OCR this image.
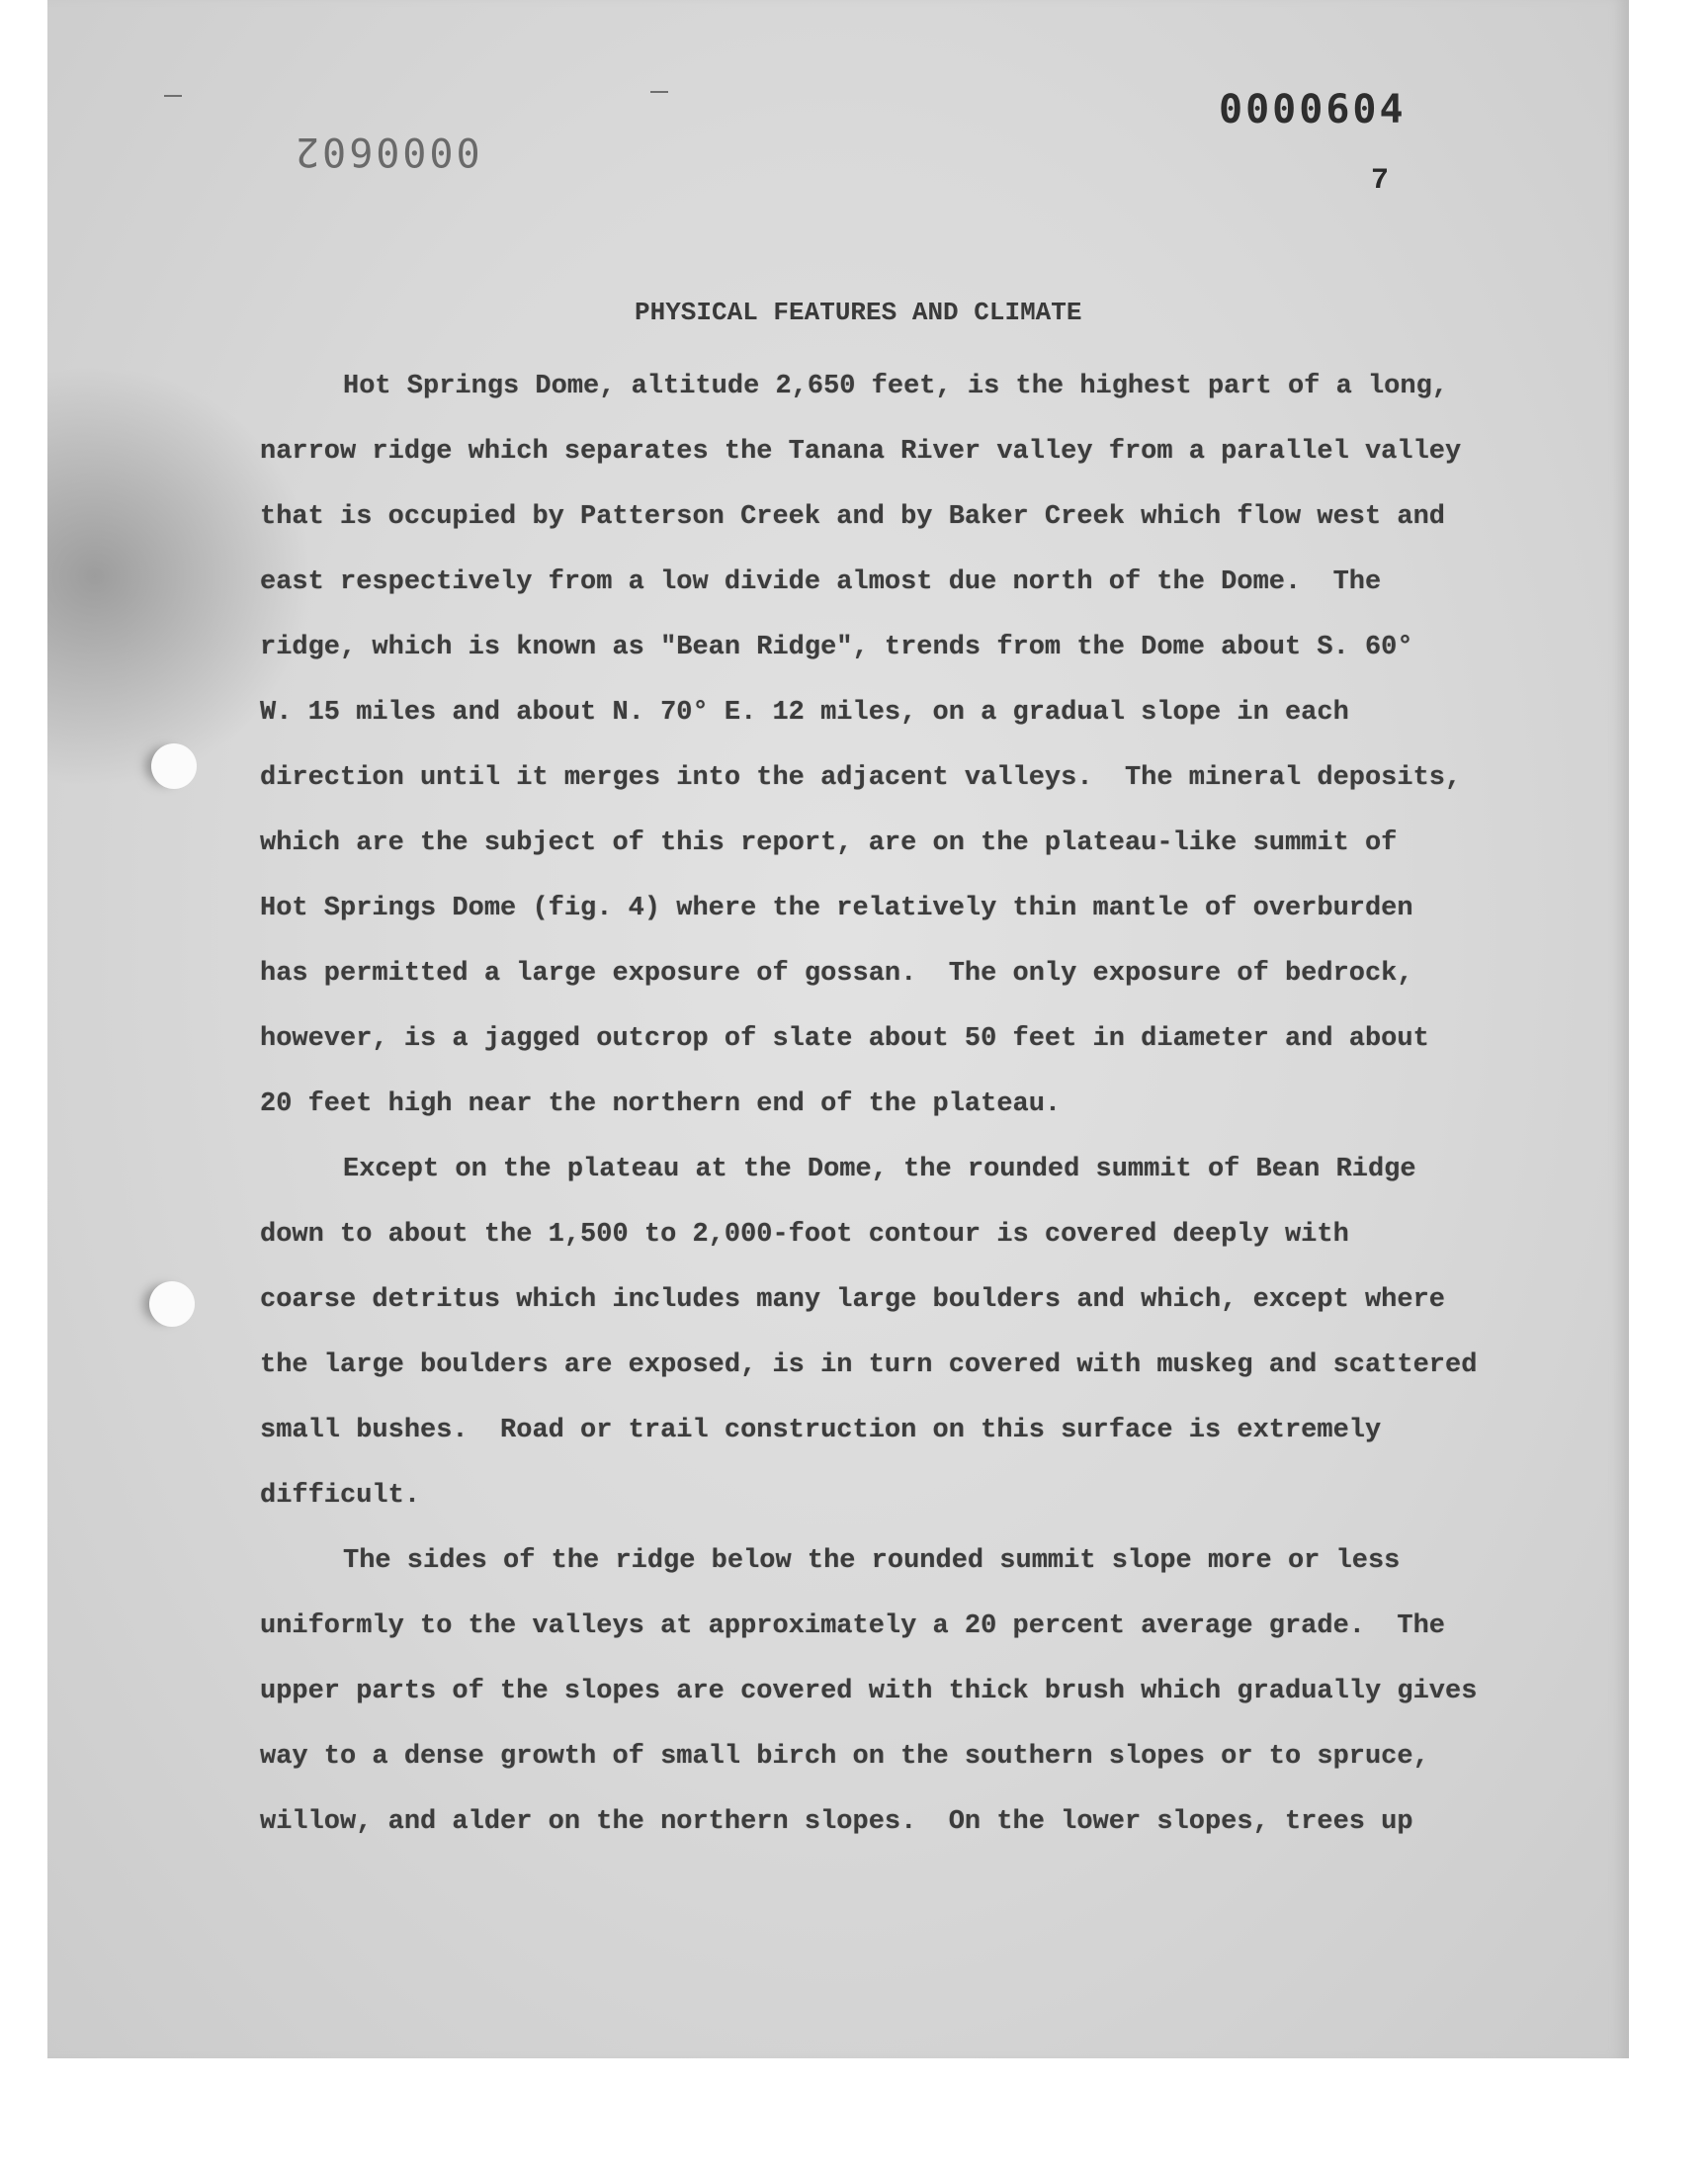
0000604
0000602
7
PHYSICAL FEATURES AND CLIMATE
Hot Springs Dome, altitude 2,650 feet, is the highest part of a long,
narrow ridge which separates the Tanana River valley from a parallel valley
that is occupied by Patterson Creek and by Baker Creek which flow west and
east respectively from a low divide almost due north of the Dome.  The
ridge, which is known as "Bean Ridge", trends from the Dome about S. 60°
W. 15 miles and about N. 70° E. 12 miles, on a gradual slope in each
direction until it merges into the adjacent valleys.  The mineral deposits,
which are the subject of this report, are on the plateau-like summit of
Hot Springs Dome (fig. 4) where the relatively thin mantle of overburden
has permitted a large exposure of gossan.  The only exposure of bedrock,
however, is a jagged outcrop of slate about 50 feet in diameter and about
20 feet high near the northern end of the plateau.
Except on the plateau at the Dome, the rounded summit of Bean Ridge
down to about the 1,500 to 2,000-foot contour is covered deeply with
coarse detritus which includes many large boulders and which, except where
the large boulders are exposed, is in turn covered with muskeg and scattered
small bushes.  Road or trail construction on this surface is extremely
difficult.
The sides of the ridge below the rounded summit slope more or less
uniformly to the valleys at approximately a 20 percent average grade.  The
upper parts of the slopes are covered with thick brush which gradually gives
way to a dense growth of small birch on the southern slopes or to spruce,
willow, and alder on the northern slopes.  On the lower slopes, trees up
